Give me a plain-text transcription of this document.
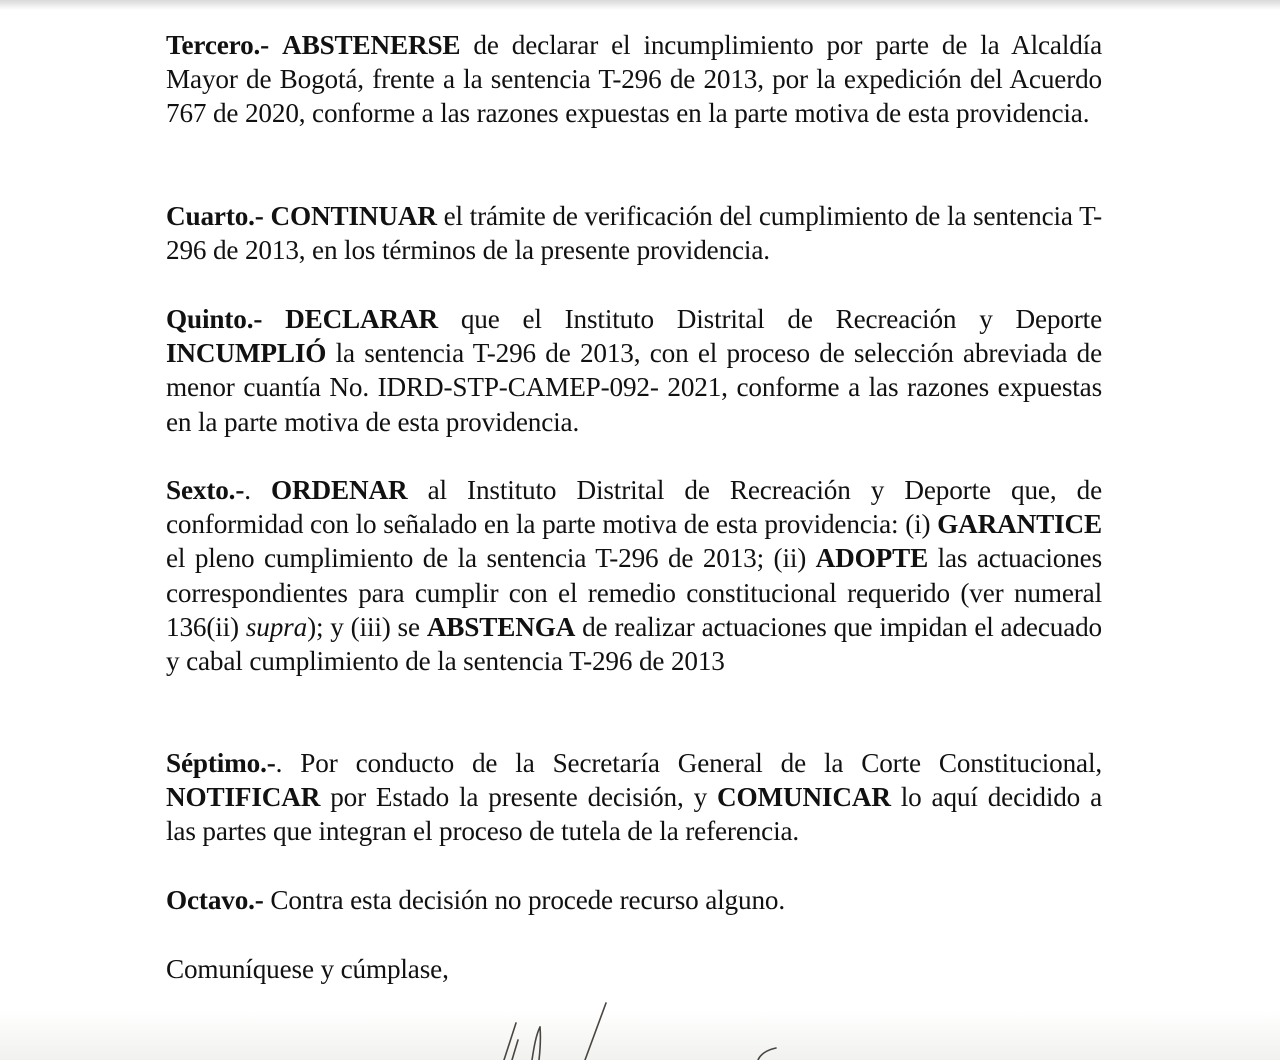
Tercero.- ABSTENERSE de declarar el incumplimiento por parte de la Alcaldía Mayor de Bogotá, frente a la sentencia T-296 de 2013, por la expedición del Acuerdo 767 de 2020, conforme a las razones expuestas en la parte motiva de esta providencia.

Cuarto.- CONTINUAR el trámite de verificación del cumplimiento de la sentencia T-296 de 2013, en los términos de la presente providencia.

Quinto.- DECLARAR que el Instituto Distrital de Recreación y Deporte INCUMPLIÓ la sentencia T-296 de 2013, con el proceso de selección abreviada de menor cuantía No. IDRD-STP-CAMEP-092- 2021, conforme a las razones expuestas en la parte motiva de esta providencia.

Sexto.-. ORDENAR al Instituto Distrital de Recreación y Deporte que, de conformidad con lo señalado en la parte motiva de esta providencia: (i) GARANTICE el pleno cumplimiento de la sentencia T-296 de 2013; (ii) ADOPTE las actuaciones correspondientes para cumplir con el remedio constitucional requerido (ver numeral 136(ii) supra); y (iii) se ABSTENGA de realizar actuaciones que impidan el adecuado y cabal cumplimiento de la sentencia T-296 de 2013

Séptimo.-. Por conducto de la Secretaría General de la Corte Constitucional, NOTIFICAR por Estado la presente decisión, y COMUNICAR lo aquí decidido a las partes que integran el proceso de tutela de la referencia.

Octavo.- Contra esta decisión no procede recurso alguno.

Comuníquese y cúmplase,
